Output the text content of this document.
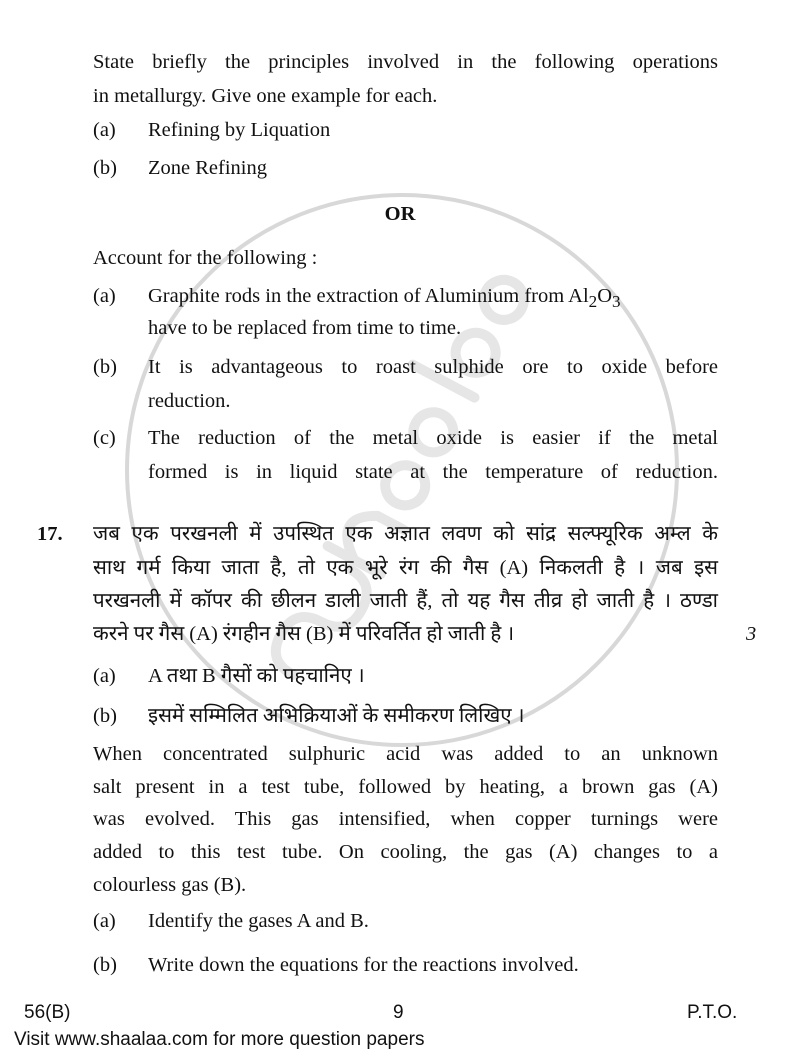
State briefly the principles involved in the following operations
in metallurgy. Give one example for each.
(a) Refining by Liquation
(b) Zone Refining
OR
Account for the following :
(a) Graphite rods in the extraction of Aluminium from $Al_2O_3$
have to be replaced from time to time.
(b) It is advantageous to roast sulphide ore to oxide before
reduction.
(c) The reduction of the metal oxide is easier if the metal
formed is in liquid state at the temperature of reduction.
17. जब एक परखनली में उपस्थित एक अज्ञात लवण को सांद्र सल्फ्यूरिक अम्ल के
साथ गर्म किया जाता है, तो एक भूरे रंग की गैस (A) निकलती है । जब इस
परखनली में कॉपर की छीलन डाली जाती हैं, तो यह गैस तीव्र हो जाती है । ठण्डा
करने पर गैस (A) रंगहीन गैस (B) में परिवर्तित हो जाती है ।	3
(a) A तथा B गैसों को पहचानिए ।
(b) इसमें सम्मिलित अभिक्रियाओं के समीकरण लिखिए ।
When concentrated sulphuric acid was added to an unknown
salt present in a test tube, followed by heating, a brown gas (A)
was evolved. This gas intensified, when copper turnings were
added to this test tube. On cooling, the gas (A) changes to a
colourless gas (B).
(a) Identify the gases A and B.
(b) Write down the equations for the reactions involved.
56(B)	9	P.T.O.
Visit www.shaalaa.com for more question papers
